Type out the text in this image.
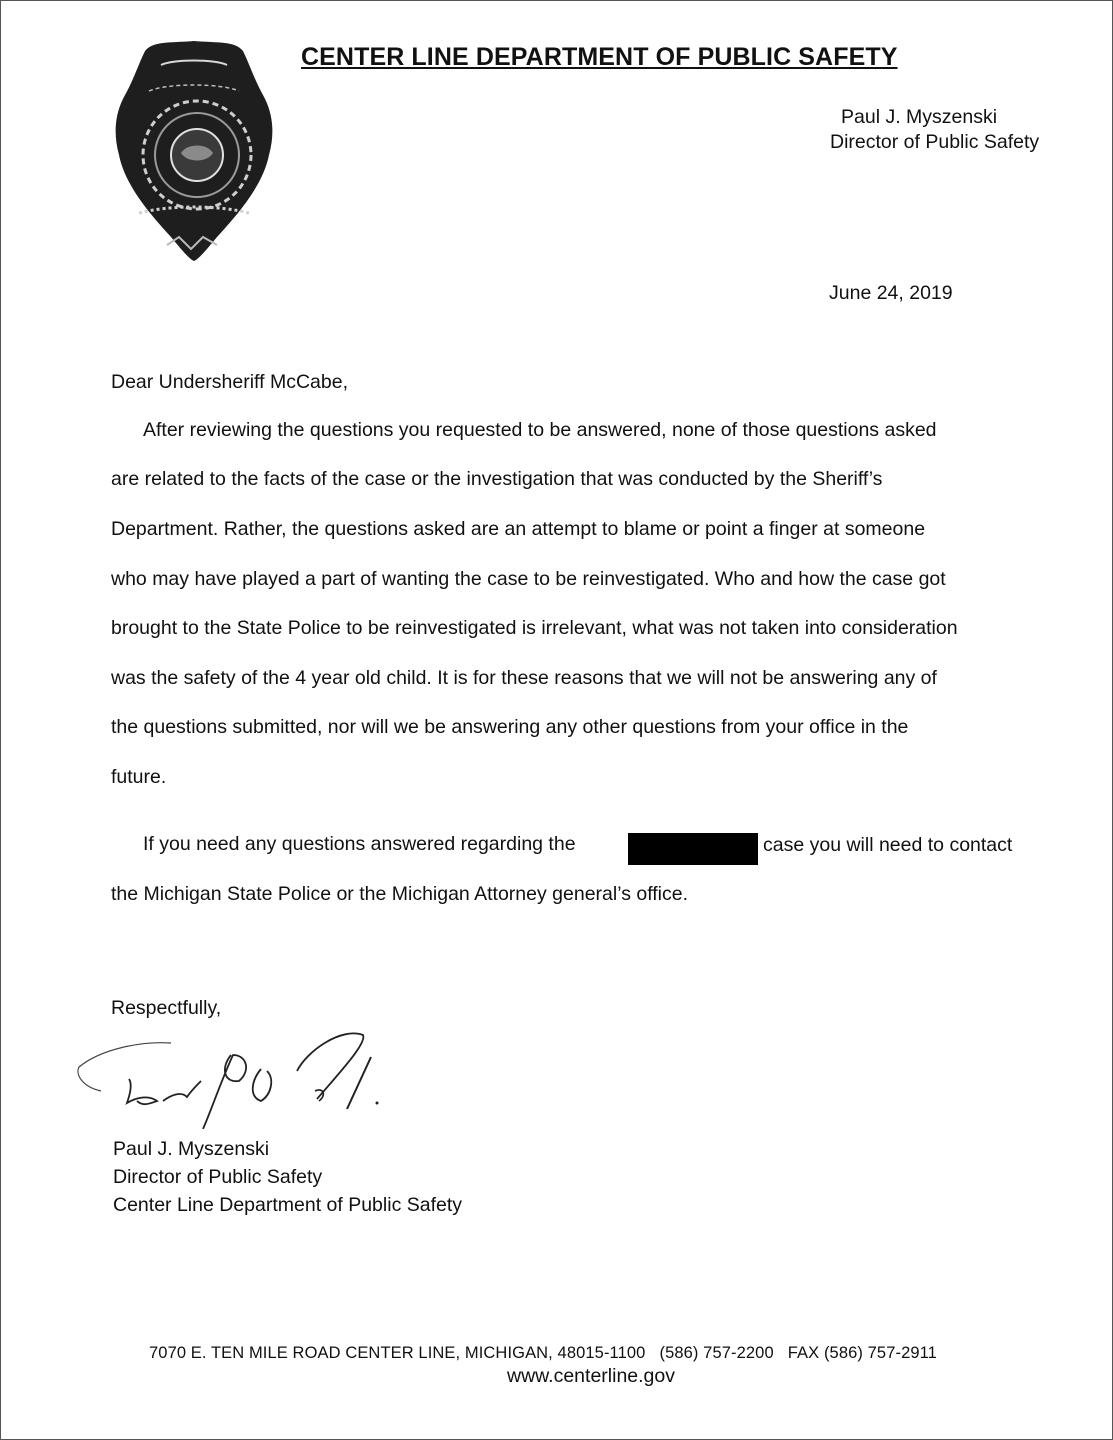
CENTER LINE DEPARTMENT OF PUBLIC SAFETY
Paul J. Myszenski
Director of Public Safety
June 24, 2019
Dear Undersheriff McCabe,
After reviewing the questions you requested to be answered, none of those questions asked
are related to the facts of the case or the investigation that was conducted by the Sheriff’s
Department. Rather, the questions asked are an attempt to blame or point a finger at someone
who may have played a part of wanting the case to be reinvestigated. Who and how the case got
brought to the State Police to be reinvestigated is irrelevant, what was not taken into consideration
was the safety of the 4 year old child. It is for these reasons that we will not be answering any of
the questions submitted, nor will we be answering any other questions from your office in the
future.
If you need any questions answered regarding the	case you will need to contact
the Michigan State Police or the Michigan Attorney general’s office.
Respectfully,
Paul J. Myszenski
Director of Public Safety
Center Line Department of Public Safety
7070 E. TEN MILE ROAD CENTER LINE, MICHIGAN, 48015-1100 (586) 757-2200 FAX (586) 757-2911
www.centerline.gov
